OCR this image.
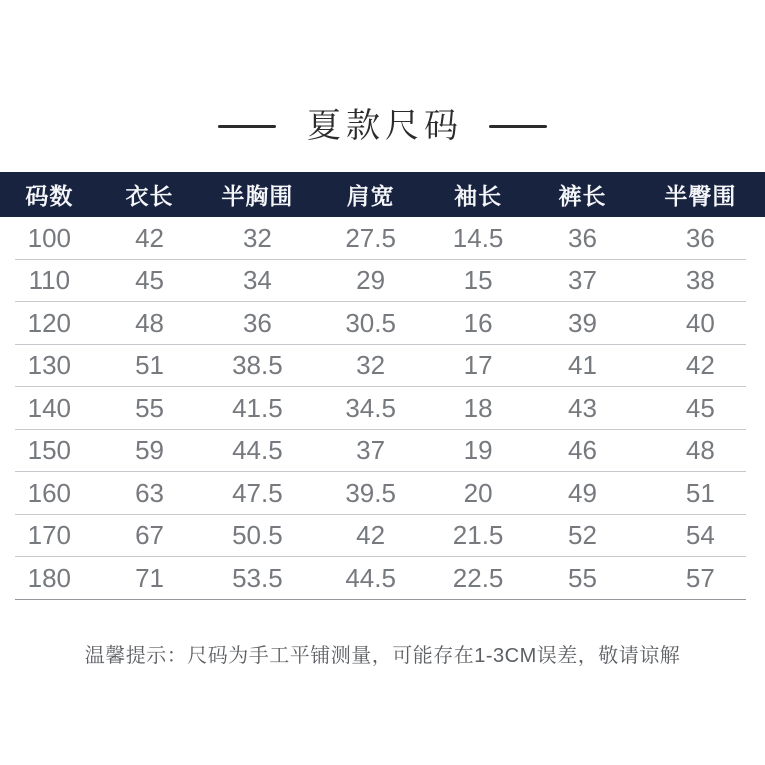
夏款尺码
码数	衣长	半胸围	肩宽	袖长	裤长	半臀围
100	42	32	27.5	14.5	36	36
110	45	34	29	15	37	38
120	48	36	30.5	16	39	40
130	51	38.5	32	17	41	42
140	55	41.5	34.5	18	43	45
150	59	44.5	37	19	46	48
160	63	47.5	39.5	20	49	51
170	67	50.5	42	21.5	52	54
180	71	53.5	44.5	22.5	55	57
温馨提示：尺码为手工平铺测量，可能存在1-3CM误差，敬请谅解
